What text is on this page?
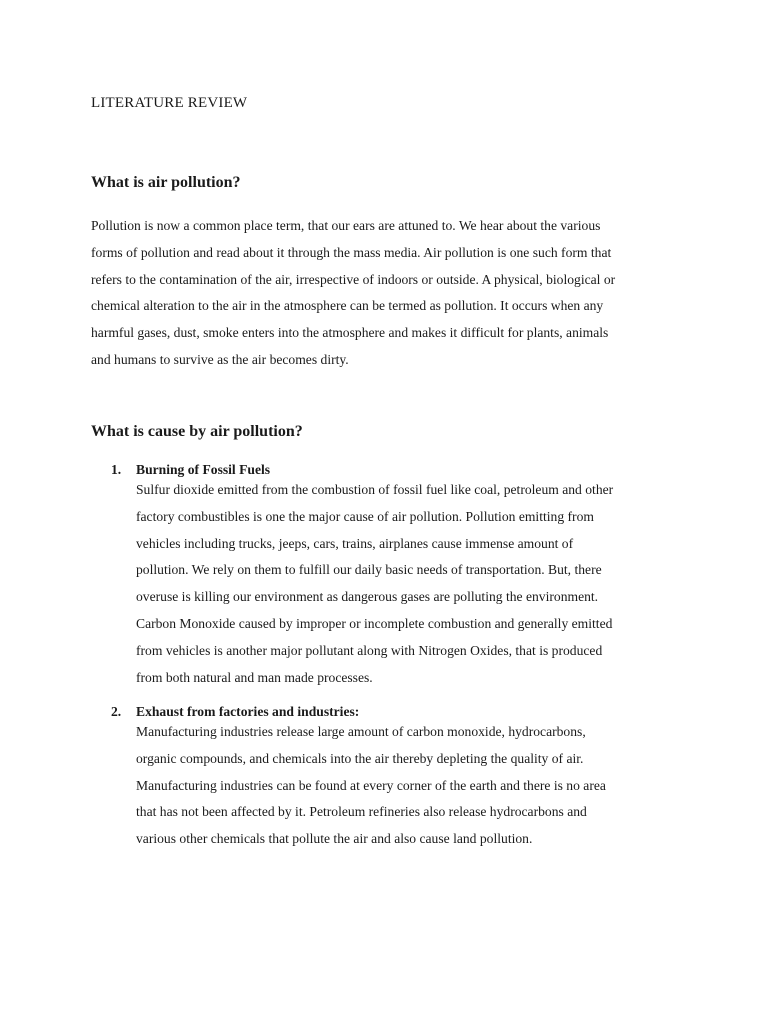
LITERATURE REVIEW
What is air pollution?

Pollution is now a common place term, that our ears are attuned to. We hear about the various
forms of pollution and read about it through the mass media. Air pollution is one such form that
refers to the contamination of the air, irrespective of indoors or outside. A physical, biological or
chemical alteration to the air in the atmosphere can be termed as pollution. It occurs when any
harmful gases, dust, smoke enters into the atmosphere and makes it difficult for plants, animals
and humans to survive as the air becomes dirty.

What is cause by air pollution?
1. Burning of Fossil Fuels

Sulfur dioxide emitted from the combustion of fossil fuel like coal, petroleum and other
factory combustibles is one the major cause of air pollution. Pollution emitting from
vehicles including trucks, jeeps, cars, trains, airplanes cause immense amount of
pollution. We rely on them to fulfill our daily basic needs of transportation. But, there
overuse is killing our environment as dangerous gases are polluting the environment.
Carbon Monoxide caused by improper or incomplete combustion and generally emitted
from vehicles is another major pollutant along with Nitrogen Oxides, that is produced
from both natural and man made processes.

2. Exhaust from factories and industries:

Manufacturing industries release large amount of carbon monoxide, hydrocarbons,
organic compounds, and chemicals into the air thereby depleting the quality of air.
Manufacturing industries can be found at every corner of the earth and there is no area
that has not been affected by it. Petroleum refineries also release hydrocarbons and
various other chemicals that pollute the air and also cause land pollution.
